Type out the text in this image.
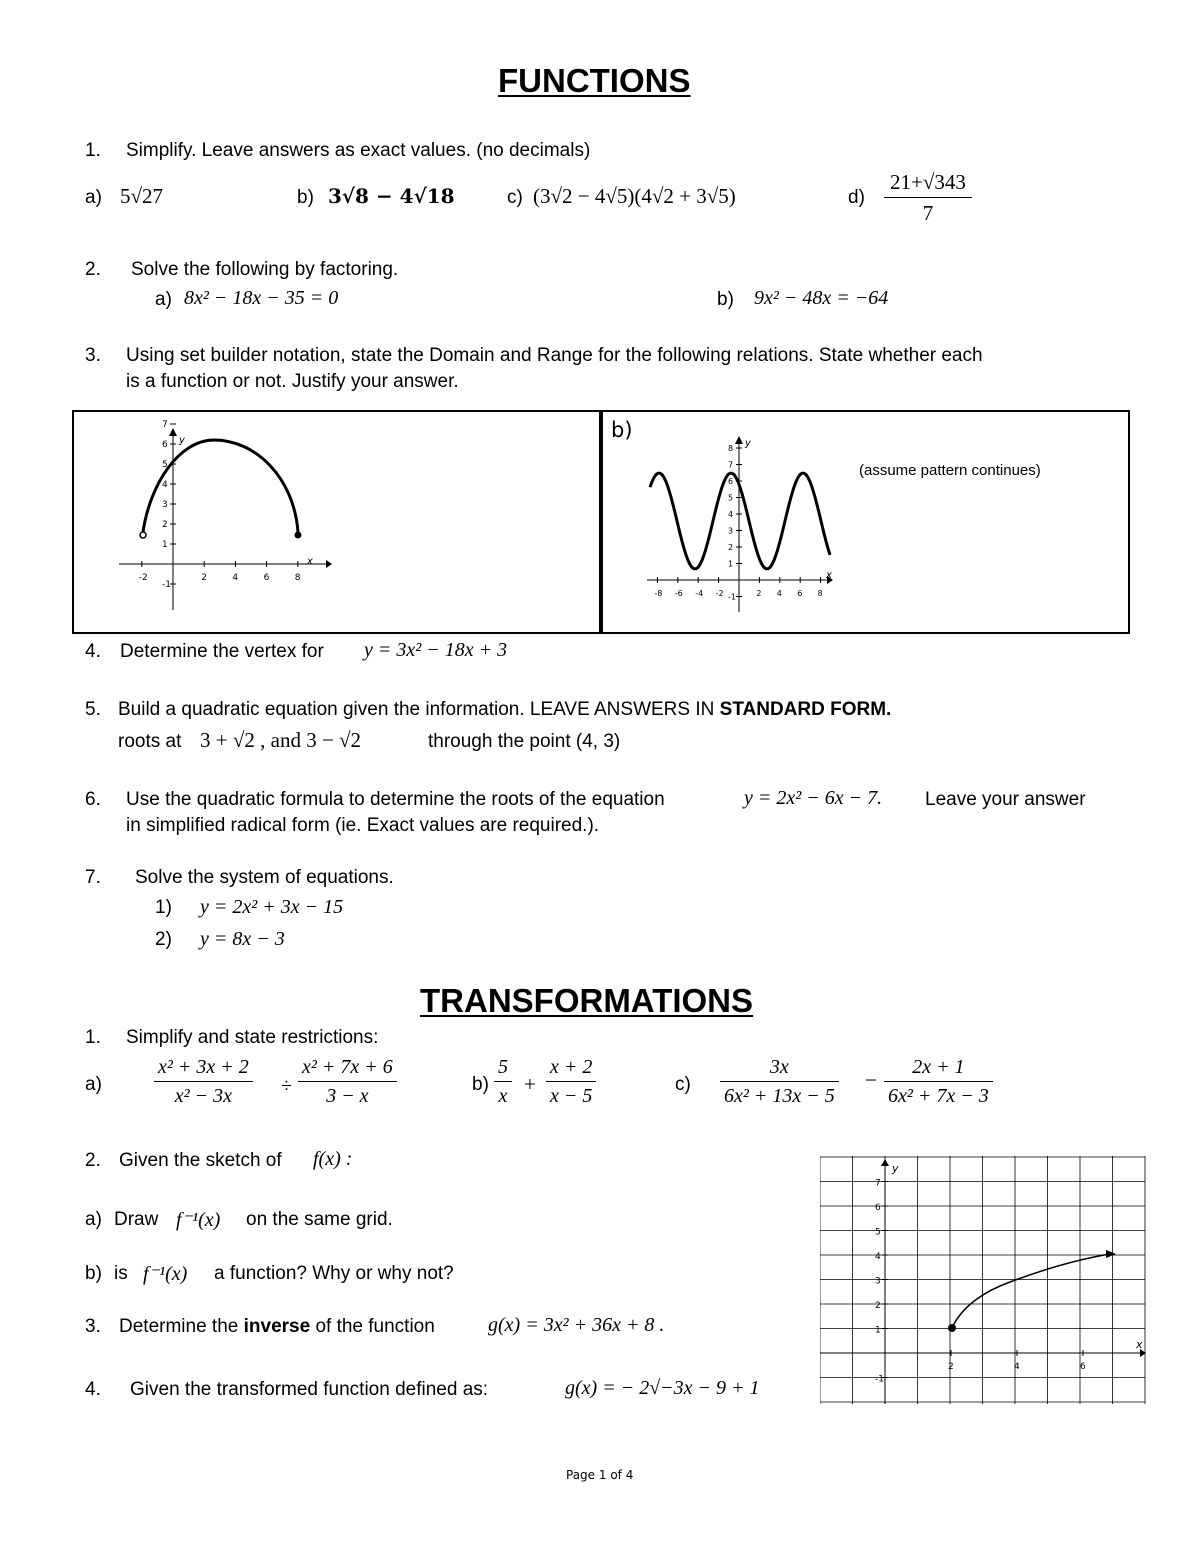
FUNCTIONS
1. Simplify. Leave answers as exact values. (no decimals)
a) 5√27	b) 3√8 − 4√18	c) (3√2 − 4√5)(4√2 + 3√5)	$d) \frac{21+√343}{7}$
2. Solve the following by factoring.
a) 8x² − 18x − 35 = 0	b) 9x² − 48x = −64
3. Using set builder notation, state the Domain and Range for the following relations. State whether each
is a function or not. Justify your answer.
7
6
5
4
3
2
1
-1
-2	2	4	6	8
y
x
b)
(assume pattern continues)
8
7
6
5
4
3
2
1
-1
-8 -6 -4 -2	2 4 6 8
y
x
4. Determine the vertex for y = 3x² − 18x + 3
5. Build a quadratic equation given the information. LEAVE ANSWERS IN STANDARD FORM.
roots at 3 + √2 , and 3 − √2	through the point (4, 3)
6. Use the quadratic formula to determine the roots of the equation	y = 2x² − 6x − 7. Leave your answer
in simplified radical form (ie. Exact values are required.).
7. Solve the system of equations.
1) y = 2x² + 3x − 15
2) y = 8x − 3
TRANSFORMATIONS
1. Simplify and state restrictions:
a)	$\frac{\text{x² + 3x + 2}}{\text{x² − 3x}} \div \frac{\text{x² + 7x + 6}}{3 - x}$	$b) \frac{5}{x} + \frac{x + 2}{x - 5}$	$c) \frac{3x}{\text{6x² + 13x − 5}} - \frac{2x + 1}{\text{6x² + 7x − 3}}$
2. Given the sketch of f(x) :
a) Draw f⁻¹(x) on the same grid.
b) is f⁻¹(x) a function? Why or why not?
3. Determine the inverse of the function	g(x) = 3x² + 36x + 8 .
4. Given the transformed function defined as:	g(x) = − 2√−3x − 9 + 1
7
6
5
4
3
2
1
-1
2	4	6
y
x
Page 1 of 4
